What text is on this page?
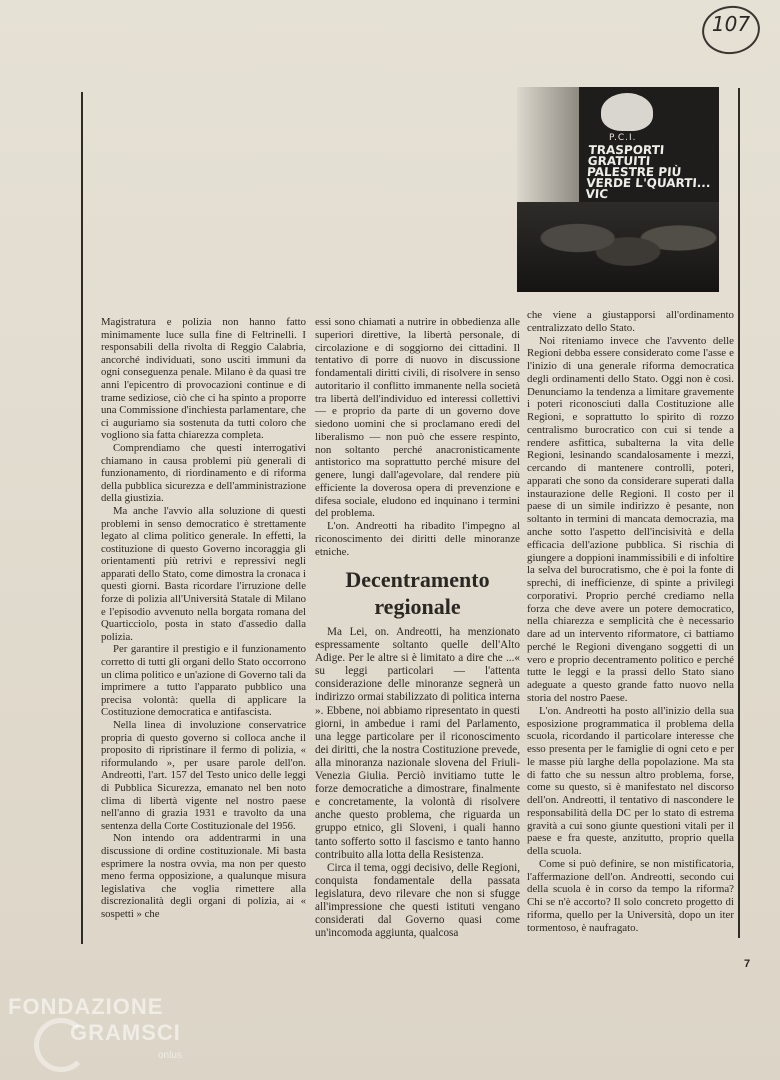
107
P.C.I.
TRASPORTI GRATUITI PALESTRE PIÙ VERDE L'QUARTI... VIC

Magistratura e polizia non hanno fatto minimamente luce sulla fine di Feltrinelli. I responsabili della rivolta di Reggio Calabria, ancorché individuati, sono usciti immuni da ogni conseguenza penale. Milano è da quasi tre anni l'epicentro di provocazioni continue e di trame sediziose, ciò che ci ha spinto a proporre una Commissione d'inchiesta parlamentare, che ci auguriamo sia sostenuta da tutti coloro che vogliono sia fatta chiarezza completa.

Comprendiamo che questi interrogativi chiamano in causa problemi più generali di funzionamento, di riordinamento e di riforma della pubblica sicurezza e dell'amministrazione della giustizia.

Ma anche l'avvio alla soluzione di questi problemi in senso democratico è strettamente legato al clima politico generale. In effetti, la costituzione di questo Governo incoraggia gli orientamenti più retrivi e repressivi negli apparati dello Stato, come dimostra la cronaca i questi giorni. Basta ricordare l'irruzione delle forze di polizia all'Università Statale di Milano e l'episodio avvenuto nella borgata romana del Quarticciolo, posta in stato d'assedio dalla polizia.

Per garantire il prestigio e il funzionamento corretto di tutti gli organi dello Stato occorrono un clima politico e un'azione di Governo tali da imprimere a tutto l'apparato pubblico una precisa volontà: quella di applicare la Costituzione democratica e antifascista.

Nella linea di involuzione conservatrice propria di questo governo si colloca anche il proposito di ripristinare il fermo di polizia, « riformulando », per usare parole dell'on. Andreotti, l'art. 157 del Testo unico delle leggi di Pubblica Sicurezza, emanato nel ben noto clima di libertà vigente nel nostro paese nell'anno di grazia 1931 e travolto da una sentenza della Corte Costituzionale del 1956.

Non intendo ora addentrarmi in una discussione di ordine costituzionale. Mi basta esprimere la nostra ovvia, ma non per questo meno ferma opposizione, a qualunque misura legislativa che voglia rimettere alla discrezionalità degli organi di polizia, ai « sospetti » che

essi sono chiamati a nutrire in obbedienza alle superiori direttive, la libertà personale, di circolazione e di soggiorno dei cittadini. Il tentativo di porre di nuovo in discussione fondamentali diritti civili, di risolvere in senso autoritario il conflitto immanente nella società tra libertà dell'individuo ed interessi collettivi — e proprio da parte di un governo dove siedono uomini che si proclamano eredi del liberalismo — non può che essere respinto, non soltanto perché anacronisticamente antistorico ma soprattutto perché misure del genere, lungi dall'agevolare, dal rendere più efficiente la doverosa opera di prevenzione e difesa sociale, eludono ed inquinano i termini del problema.

L'on. Andreotti ha ribadito l'impegno al riconoscimento dei diritti delle minoranze etniche.

Decentramento regionale

Ma Lei, on. Andreotti, ha menzionato espressamente soltanto quelle dell'Alto Adige. Per le altre si è limitato a dire che ...« su leggi particolari — l'attenta considerazione delle minoranze segnerà un indirizzo ormai stabilizzato di politica interna ». Ebbene, noi abbiamo ripresentato in questi giorni, in ambedue i rami del Parlamento, una legge particolare per il riconoscimento dei diritti, che la nostra Costituzione prevede, alla minoranza nazionale slovena del Friuli-Venezia Giulia. Perciò invitiamo tutte le forze democratiche a dimostrare, finalmente e concretamente, la volontà di risolvere anche questo problema, che riguarda un gruppo etnico, gli Sloveni, i quali hanno tanto sofferto sotto il fascismo e tanto hanno contribuito alla lotta della Resistenza.

Circa il tema, oggi decisivo, delle Regioni, conquista fondamentale della passata legislatura, devo rilevare che non si sfugge all'impressione che questi istituti vengano considerati dal Governo quasi come un'incomoda aggiunta, qualcosa

che viene a giustapporsi all'ordinamento centralizzato dello Stato.

Noi riteniamo invece che l'avvento delle Regioni debba essere considerato come l'asse e l'inizio di una generale riforma democratica degli ordinamenti dello Stato. Oggi non è così. Denunciamo la tendenza a limitare gravemente i poteri riconosciuti dalla Costituzione alle Regioni, e soprattutto lo spirito di rozzo centralismo burocratico con cui si tende a rendere asfittica, subalterna la vita delle Regioni, lesinando scandalosamente i mezzi, cercando di mantenere controlli, poteri, apparati che sono da considerare superati dalla instaurazione delle Regioni. Il costo per il paese di un simile indirizzo è pesante, non soltanto in termini di mancata democrazia, ma anche sotto l'aspetto dell'incisività e della efficacia dell'azione pubblica. Si rischia di giungere a doppioni inammissibili e di infoltire la selva del burocratismo, che è poi la fonte di sprechi, di inefficienze, di spinte a privilegi corporativi. Proprio perché crediamo nella forza che deve avere un potere democratico, nella chiarezza e semplicità che è necessario dare ad un intervento riformatore, ci battiamo perché le Regioni divengano soggetti di un vero e proprio decentramento politico e perché tutte le leggi e la prassi dello Stato siano adeguate a questo grande fatto nuovo nella storia del nostro Paese.

L'on. Andreotti ha posto all'inizio della sua esposizione programmatica il problema della scuola, ricordando il particolare interesse che esso presenta per le famiglie di ogni ceto e per le masse più larghe della popolazione. Ma sta di fatto che su nessun altro problema, forse, come su questo, si è manifestato nel discorso dell'on. Andreotti, il tentativo di nascondere le responsabilità della DC per lo stato di estrema gravità a cui sono giunte questioni vitali per il paese e fra queste, anzitutto, proprio quella della scuola.

Come si può definire, se non mistificatoria, l'affermazione dell'on. Andreotti, secondo cui della scuola è in corso da tempo la riforma? Chi se n'è accorto? Il solo concreto progetto di riforma, quello per la Università, dopo un iter tormentoso, è naufragato.

7
FONDAZIONE
GRAMSCI
onlus
